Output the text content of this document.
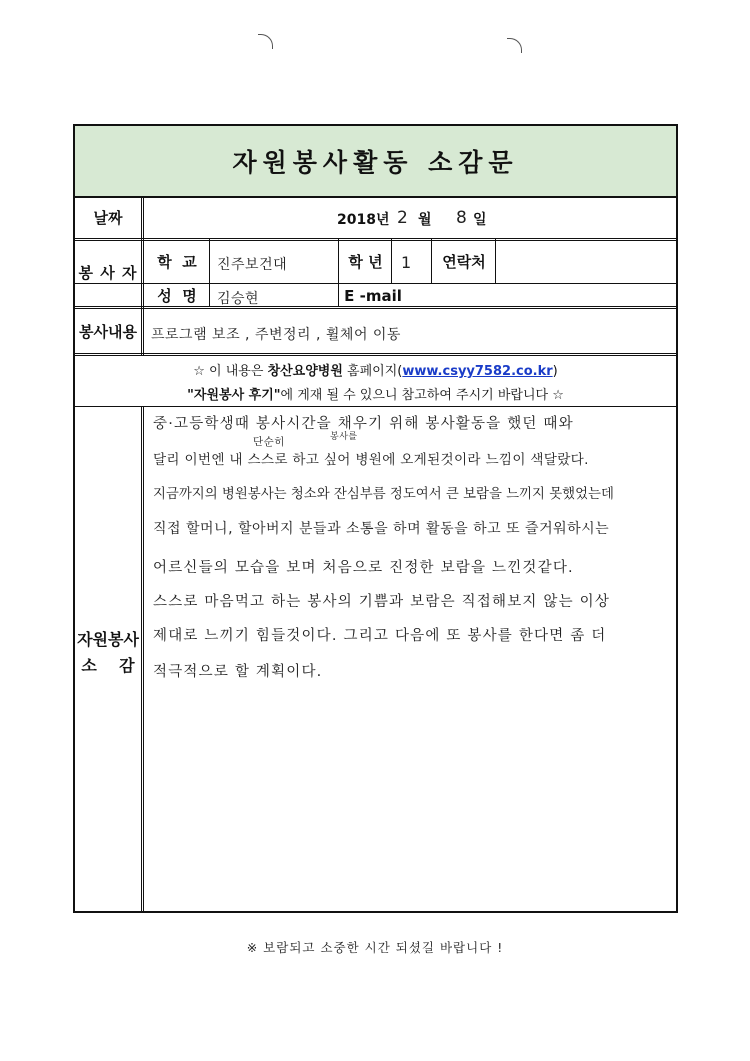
자원봉사활동 소감문
날짜	2018년 2 월 8 일
봉 사 자
학  교	진주보건대	학 년	1	연락처
성  명	김승현	E -mail
봉사내용 프로그램 보조 , 주변정리 , 휠체어 이동
☆ 이 내용은 창산요양병원 홈페이지(www.csyy7582.co.kr)
"자원봉사 후기"에 게재 될 수 있으니 참고하여 주시기 바랍니다 ☆
자원봉사
소    감
단순히	봉사를
중·고등학생때 봉사시간을 채우기 위해 봉사활동을 했던 때와
달리 이번엔 내 스스로 하고 싶어 병원에 오게된것이라 느낌이 색달랐다.
지금까지의 병원봉사는 청소와 잔심부름 정도여서 큰 보람을 느끼지 못했었는데
직접 할머니, 할아버지 분들과 소통을 하며 활동을 하고 또 즐거워하시는
어르신들의 모습을 보며 처음으로 진정한 보람을 느낀것같다.
스스로 마음먹고 하는 봉사의 기쁨과 보람은 직접해보지 않는 이상
제대로 느끼기 힘들것이다. 그리고 다음에 또 봉사를 한다면 좀 더
적극적으로 할 계획이다.
※ 보람되고 소중한 시간 되셨길 바랍니다 !
